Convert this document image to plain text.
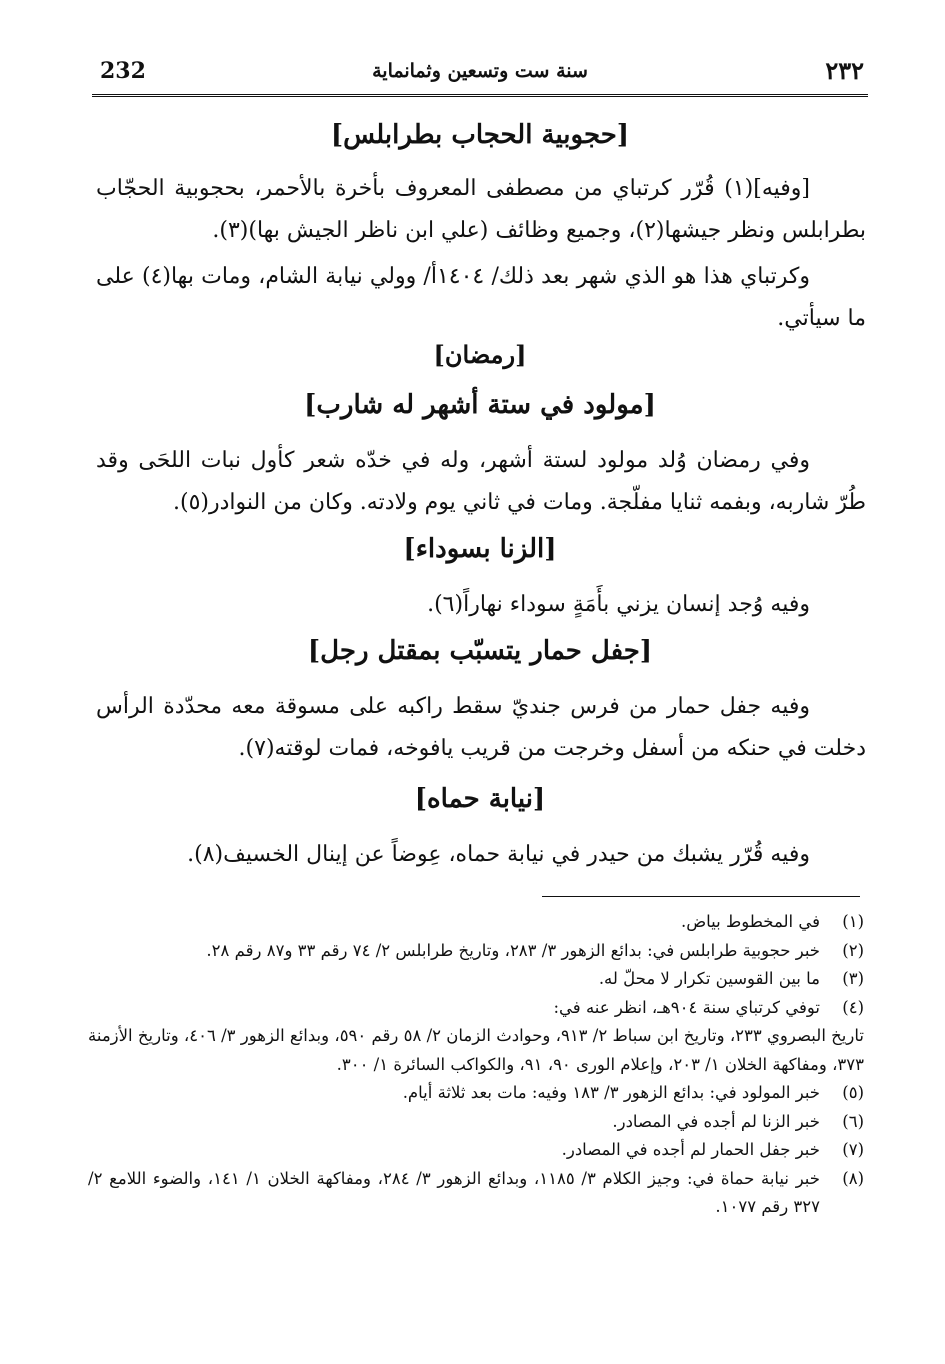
232	سنة ست وتسعين وثمانماية	٢٣٢
[حجوبية الحجاب بطرابلس]
[وفيه](١) قُرّر كرتباي من مصطفى المعروف بأخرة بالأحمر، بحجوبية الحجّاب بطرابلس ونظر جيشها(٢)، وجميع وظائف (علي ابن ناظر الجيش بها)(٣).
وكرتباي هذا هو الذي شهر بعد ذلك/ ١٤٠٤أ/ وولي نيابة الشام، ومات بها(٤) على ما سيأتي.
[رمضان]
[مولود في ستة أشهر له شارب]
وفي رمضان وُلد مولود لستة أشهر، وله في خدّه شعر كأول نبات اللحَى وقد طُرّ شاربه، وبفمه ثنايا مفلّجة. ومات في ثاني يوم ولادته. وكان من النوادر(٥).
[الزنا بسوداء]
وفيه وُجد إنسان يزني بأَمَةٍ سوداء نهاراً(٦).
[جفل حمار يتسبّب بمقتل رجل]
وفيه جفل حمار من فرس جنديّ سقط راكبه على مسوقة معه محدّدة الرأس دخلت في حنكه من أسفل وخرجت من قريب يافوخه، فمات لوقته(٧).
[نيابة حماه]
وفيه قُرّر يشبك من حيدر في نيابة حماه، عِوضاً عن إينال الخسيف(٨).
(١)
في المخطوط بياض.
(٢)
خبر حجوبية طرابلس في: بدائع الزهور ٣/ ٢٨٣، وتاريخ طرابلس ٢/ ٧٤ رقم ٣٣ و٨٧ رقم ٢٨.
(٣)
ما بين القوسين تكرار لا محلّ له.
(٤)
توفي كرتباي سنة ٩٠٤هـ، انظر عنه في:
تاريخ البصروي ٢٣٣، وتاريخ ابن سباط ٢/ ٩١٣، وحوادث الزمان ٢/ ٥٨ رقم ٥٩٠، وبدائع الزهور ٣/ ٤٠٦، وتاريخ الأزمنة ٣٧٣، ومفاكهة الخلان ١/ ٢٠٣، وإعلام الورى ٩٠، ٩١، والكواكب السائرة ١/ ٣٠٠.
(٥)
خبر المولود في: بدائع الزهور ٣/ ١٨٣ وفيه: مات بعد ثلاثة أيام.
(٦)
خبر الزنا لم أجده في المصادر.
(٧)
خبر جفل الحمار لم أجده في المصادر.
(٨)
خبر نيابة حماة في: وجيز الكلام ٣/ ١١٨٥، وبدائع الزهور ٣/ ٢٨٤، ومفاكهة الخلان ١/ ١٤١، والضوء اللامع ٢/ ٣٢٧ رقم ١٠٧٧.
